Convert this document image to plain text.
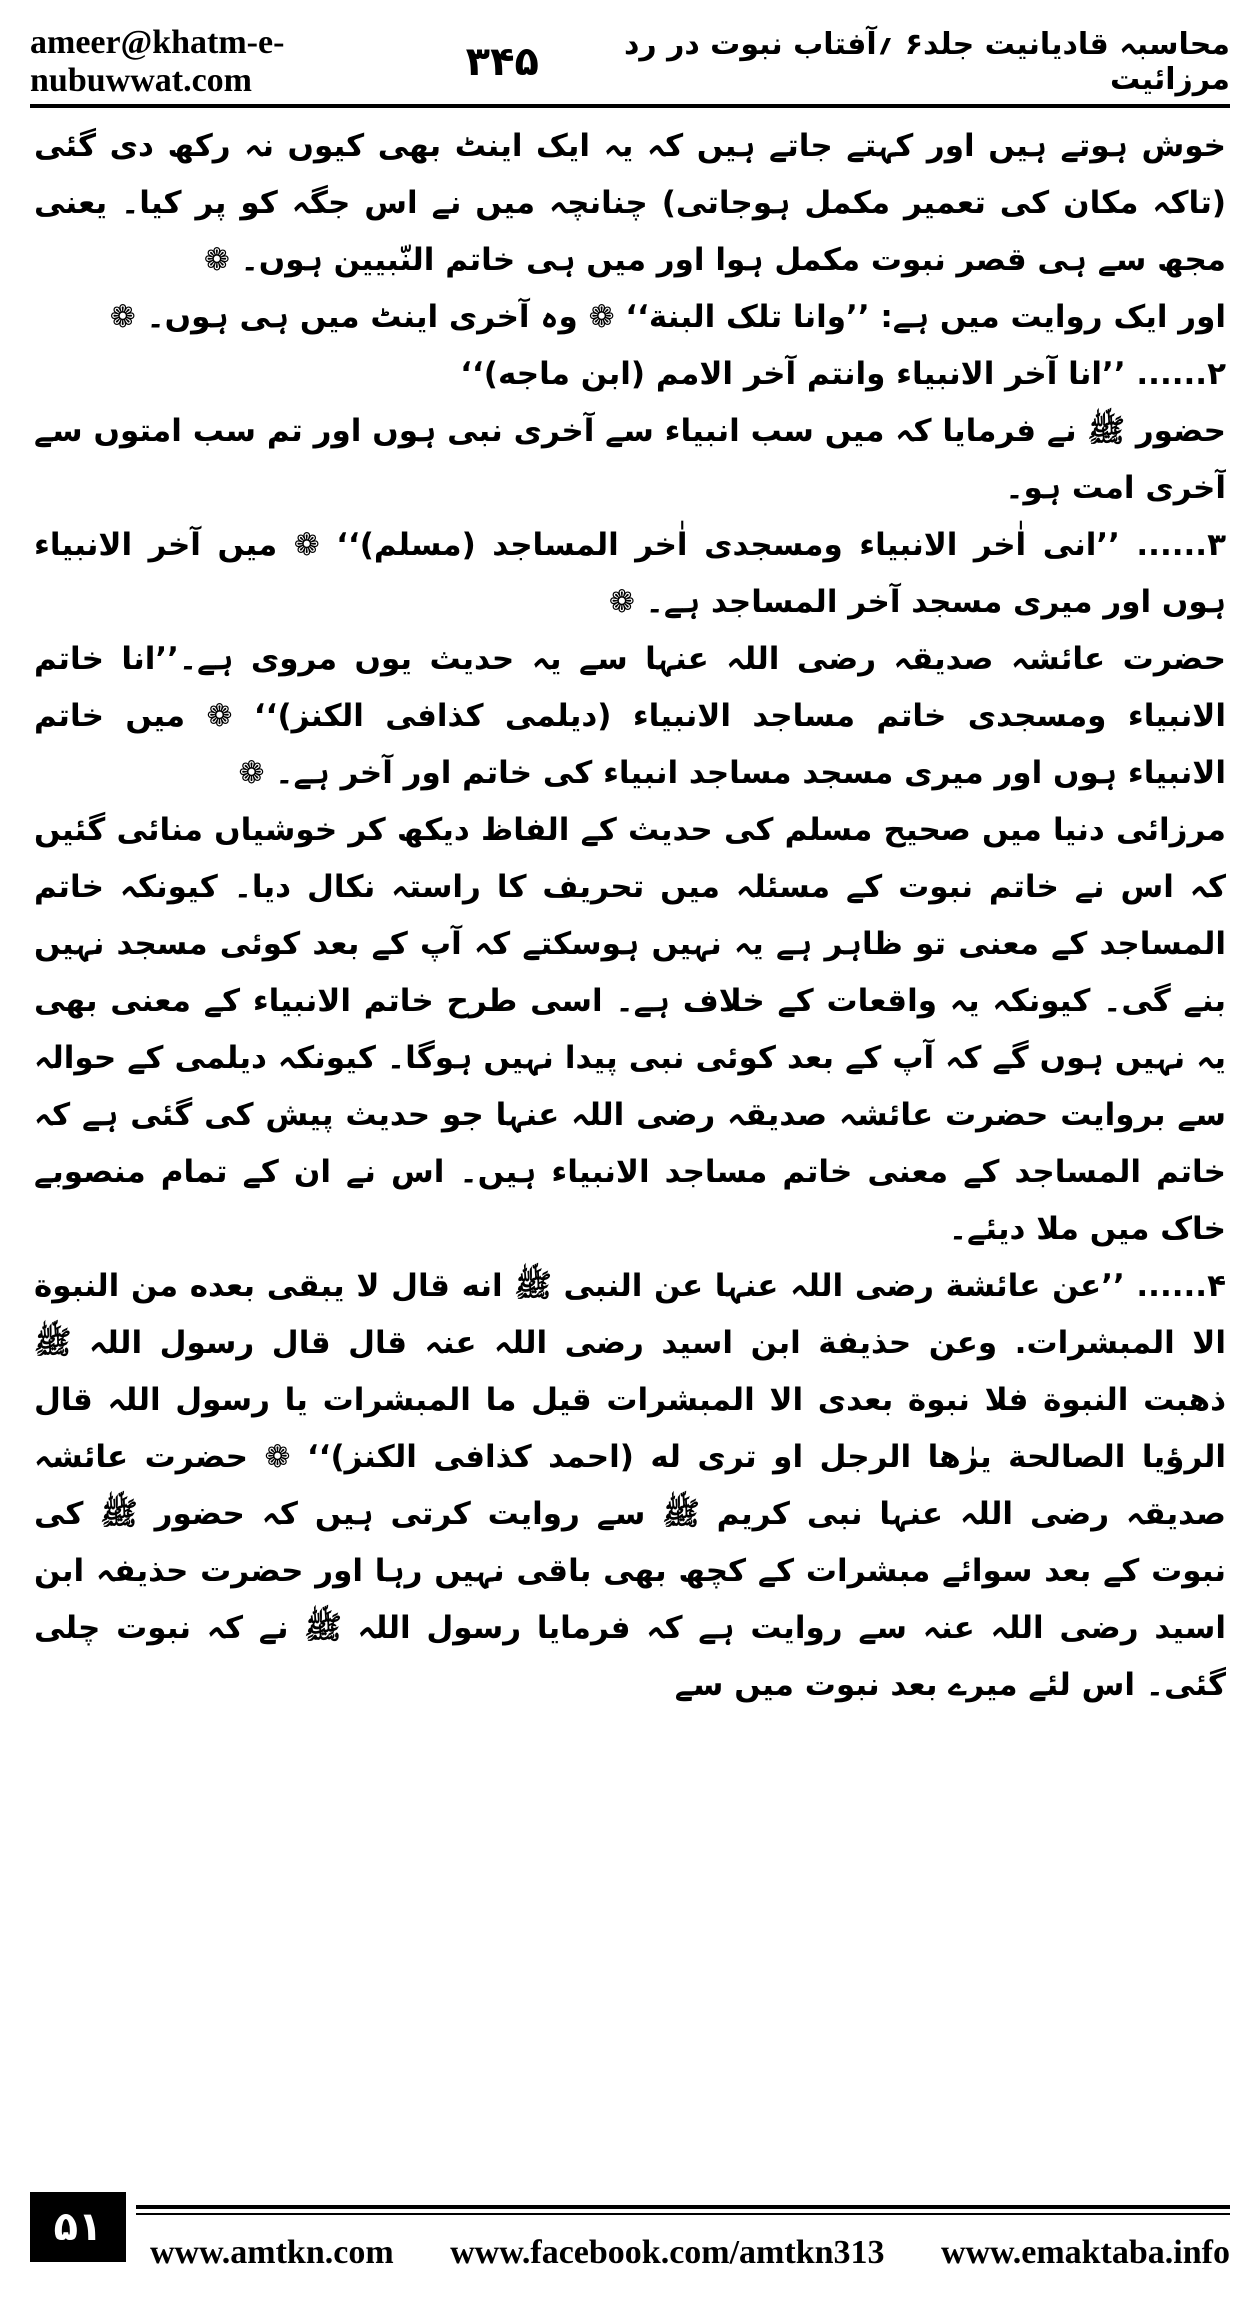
ameer@khatm-e-nubuwwat.com
محاسبہ قادیانیت جلد۶ ؍آفتاب نبوت در رد مرزائیت
۳۴۵

خوش ہوتے ہیں اور کہتے جاتے ہیں کہ یہ ایک اینٹ بھی کیوں نہ رکھ دی گئی (تاکہ مکان کی تعمیر مکمل ہوجاتی) چنانچہ میں نے اس جگہ کو پر کیا۔ یعنی مجھ سے ہی قصر نبوت مکمل ہوا اور میں ہی خاتم النّبیین ہوں۔ ❁

اور ایک روایت میں ہے: ’’وانا تلک البنة‘‘ ❁ وہ آخری اینٹ میں ہی ہوں۔ ❁

۲...... ’’انا آخر الانبیاء وانتم آخر الامم (ابن ماجه)‘‘

حضور ﷺ نے فرمایا کہ میں سب انبیاء سے آخری نبی ہوں اور تم سب امتوں سے آخری امت ہو۔

۳...... ’’انی اٰخر الانبیاء ومسجدی اٰخر المساجد (مسلم)‘‘ ❁ میں آخر الانبیاء ہوں اور میری مسجد آخر المساجد ہے۔ ❁

حضرت عائشہ صدیقہ رضی اللہ عنہا سے یہ حدیث یوں مروی ہے۔’’انا خاتم الانبیاء ومسجدی خاتم مساجد الانبیاء (دیلمی کذافی الکنز)‘‘ ❁ میں خاتم الانبیاء ہوں اور میری مسجد مساجد انبیاء کی خاتم اور آخر ہے۔ ❁

مرزائی دنیا میں صحیح مسلم کی حدیث کے الفاظ دیکھ کر خوشیاں منائی گئیں کہ اس نے خاتم نبوت کے مسئلہ میں تحریف کا راستہ نکال دیا۔ کیونکہ خاتم المساجد کے معنی تو ظاہر ہے یہ نہیں ہوسکتے کہ آپ کے بعد کوئی مسجد نہیں بنے گی۔ کیونکہ یہ واقعات کے خلاف ہے۔ اسی طرح خاتم الانبیاء کے معنی بھی یہ نہیں ہوں گے کہ آپ کے بعد کوئی نبی پیدا نہیں ہوگا۔ کیونکہ دیلمی کے حوالہ سے بروایت حضرت عائشہ صدیقہ رضی اللہ عنہا جو حدیث پیش کی گئی ہے کہ خاتم المساجد کے معنی خاتم مساجد الانبیاء ہیں۔ اس نے ان کے تمام منصوبے خاک میں ملا دیئے۔

۴...... ’’عن عائشة رضی اللہ عنہا عن النبی ﷺ انه قال لا یبقی بعده من النبوة الا المبشرات. وعن حذیفة ابن اسید رضی اللہ عنہ قال قال رسول اللہ ﷺ ذهبت النبوة فلا نبوة بعدی الا المبشرات قیل ما المبشرات یا رسول اللہ قال الرؤیا الصالحة یرٰها الرجل او تری له (احمد کذافی الکنز)‘‘ ❁ حضرت عائشہ صدیقہ رضی اللہ عنہا نبی کریم ﷺ سے روایت کرتی ہیں کہ حضور ﷺ کی نبوت کے بعد سوائے مبشرات کے کچھ بھی باقی نہیں رہا اور حضرت حذیفہ ابن اسید رضی اللہ عنہ سے روایت ہے کہ فرمایا رسول اللہ ﷺ نے کہ نبوت چلی گئی۔ اس لئے میرے بعد نبوت میں سے

۵۱
www.amtkn.com www.facebook.com/amtkn313 www.emaktaba.info
